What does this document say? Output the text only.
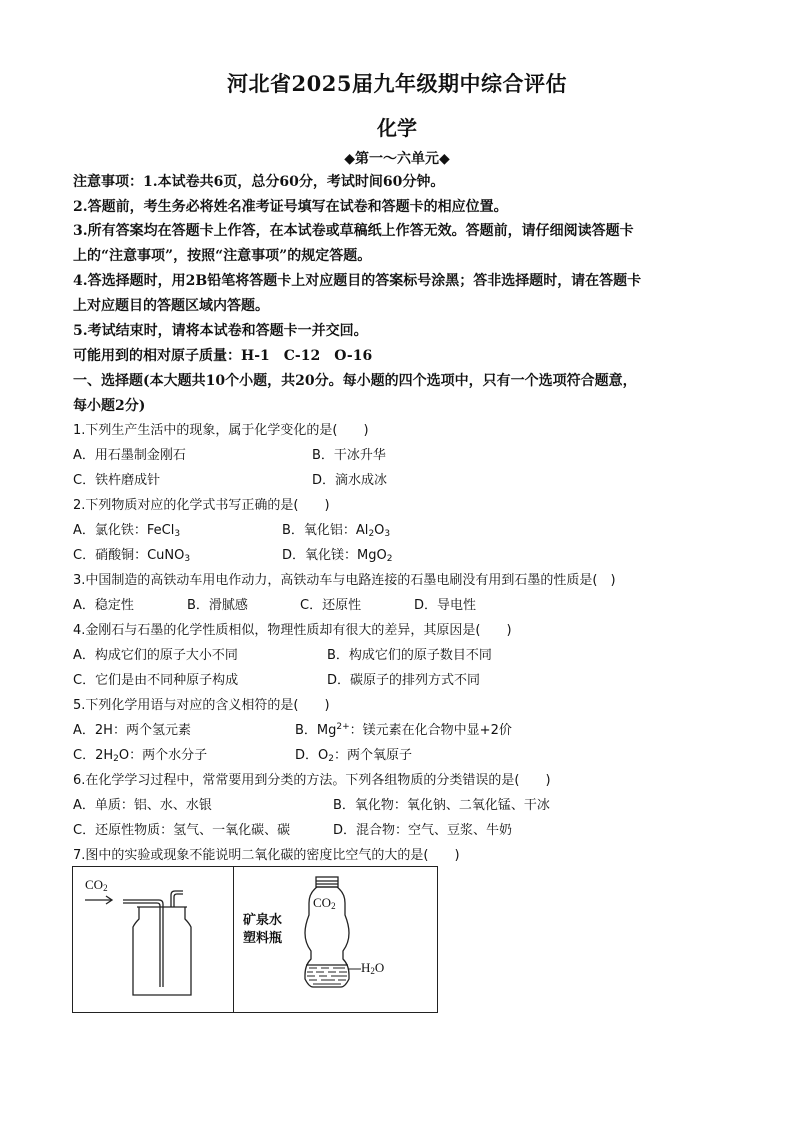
河北省2025届九年级期中综合评估
化学
◆第一～六单元◆
注意事项：1.本试卷共6页，总分60分，考试时间60分钟。
2.答题前，考生务必将姓名准考证号填写在试卷和答题卡的相应位置。
3.所有答案均在答题卡上作答，在本试卷或草稿纸上作答无效。答题前，请仔细阅读答题卡
上的“注意事项”，按照“注意事项”的规定答题。
4.答选择题时，用2B铅笔将答题卡上对应题目的答案标号涂黑；答非选择题时，请在答题卡
上对应题目的答题区域内答题。
5.考试结束时，请将本试卷和答题卡一并交回。
可能用到的相对原子质量：H-1　C-12　O-16
一、选择题(本大题共10个小题，共20分。每小题的四个选项中，只有一个选项符合题意，
每小题2分)
1.下列生产生活中的现象，属于化学变化的是(　　)
A．用石墨制金刚石	B．干冰升华
C．铁杵磨成针	D．滴水成冰
2.下列物质对应的化学式书写正确的是(　　)
A．氯化铁：FeCl$_3$	B．氧化铝：$Al_2O_3$
C．硝酸铜：CuNO$_3$	D．氧化镁：MgO$_2$
3.中国制造的高铁动车用电作动力，高铁动车与电路连接的石墨电刷没有用到石墨的性质是(　)
A．稳定性	B．滑腻感	C．还原性	D．导电性
4.金刚石与石墨的化学性质相似，物理性质却有很大的差异，其原因是(　　)
A．构成它们的原子大小不同	B．构成它们的原子数目不同
C．它们是由不同种原子构成	D．碳原子的排列方式不同
5.下列化学用语与对应的含义相符的是(　　)
A．2H：两个氢元素	B．$Mg^{2+}$：镁元素在化合物中显+2价
C．$2H_2O$：两个水分子	D．$O_2$：两个氧原子
6.在化学学习过程中，常常要用到分类的方法。下列各组物质的分类错误的是(　　)
A．单质：铝、水、水银	B．氧化物：氧化钠、二氧化锰、干冰
C．还原性物质：氢气、一氧化碳、碳	D．混合物：空气、豆浆、牛奶
7.图中的实验或现象不能说明二氧化碳的密度比空气的大的是(　　)
$CO_2$
$CO_2$
矿泉水
塑料瓶
$H_2O$
